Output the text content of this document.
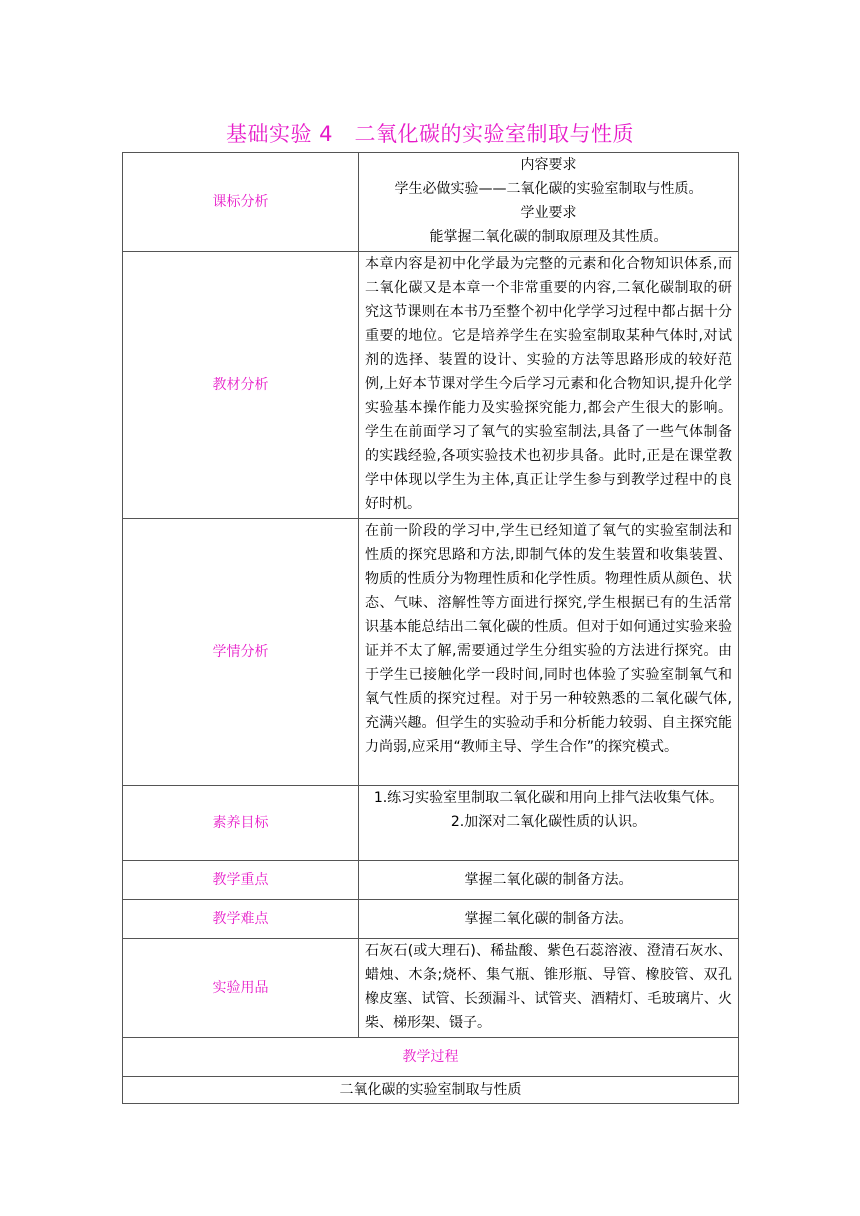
基础实验 4　二氧化碳的实验室制取与性质
课标分析	内容要求
学生必做实验——二氧化碳的实验室制取与性质。
学业要求
能掌握二氧化碳的制取原理及其性质。

教材分析	本章内容是初中化学最为完整的元素和化合物知识体系,而二氧化碳又是本章一个非常重要的内容,二氧化碳制取的研究这节课则在本书乃至整个初中化学学习过程中都占据十分重要的地位。它是培养学生在实验室制取某种气体时,对试剂的选择、装置的设计、实验的方法等思路形成的较好范例,上好本节课对学生今后学习元素和化合物知识,提升化学实验基本操作能力及实验探究能力,都会产生很大的影响。学生在前面学习了氧气的实验室制法,具备了一些气体制备的实践经验,各项实验技术也初步具备。此时,正是在课堂教学中体现以学生为主体,真正让学生参与到教学过程中的良好时机。
学情分析	在前一阶段的学习中,学生已经知道了氧气的实验室制法和性质的探究思路和方法,即制气体的发生装置和收集装置、物质的性质分为物理性质和化学性质。物理性质从颜色、状态、气味、溶解性等方面进行探究,学生根据已有的生活常识基本能总结出二氧化碳的性质。但对于如何通过实验来验证并不太了解,需要通过学生分组实验的方法进行探究。由于学生已接触化学一段时间,同时也体验了实验室制氧气和氧气性质的探究过程。对于另一种较熟悉的二氧化碳气体,充满兴趣。但学生的实验动手和分析能力较弱、自主探究能力尚弱,应采用“教师主导、学生合作”的探究模式。
素养目标	1.练习实验室里制取二氧化碳和用向上排气法收集气体。
2.加深对二氧化碳性质的认识。

教学重点	掌握二氧化碳的制备方法。
教学难点	掌握二氧化碳的制备方法。
实验用品	石灰石(或大理石)、稀盐酸、紫色石蕊溶液、澄清石灰水、蜡烛、木条;烧杯、集气瓶、锥形瓶、导管、橡胶管、双孔橡皮塞、试管、长颈漏斗、试管夹、酒精灯、毛玻璃片、火柴、梯形架、镊子。
教学过程	
二氧化碳的实验室制取与性质	
